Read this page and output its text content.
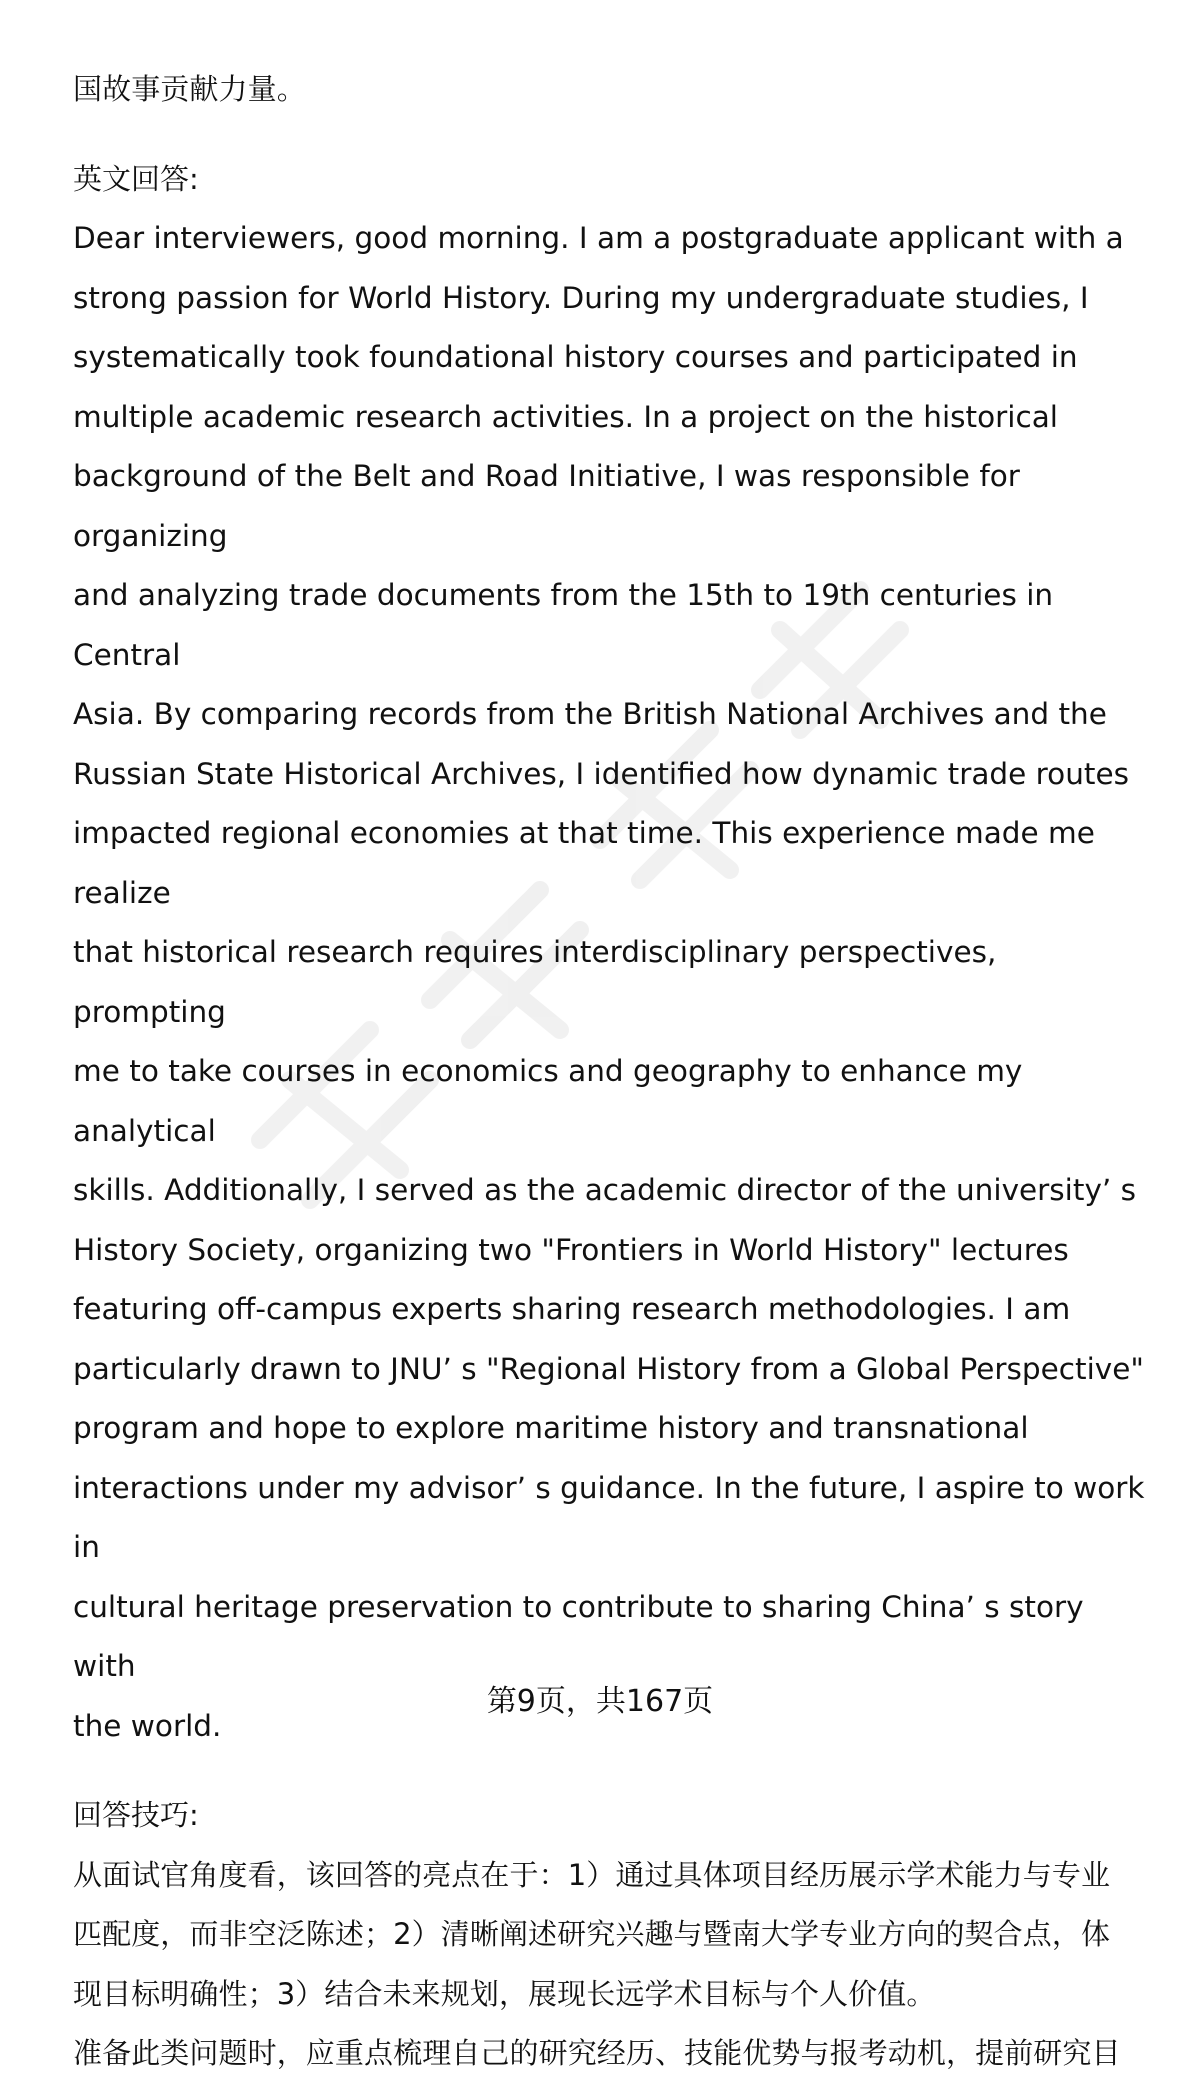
国故事贡献力量。
英文回答:
Dear interviewers, good morning. I am a postgraduate applicant with a
strong passion for World History. During my undergraduate studies, I
systematically took foundational history courses and participated in
multiple academic research activities. In a project on the historical
background of the Belt and Road Initiative, I was responsible for organizing
and analyzing trade documents from the 15th to 19th centuries in Central
Asia. By comparing records from the British National Archives and the
Russian State Historical Archives, I identified how dynamic trade routes
impacted regional economies at that time. This experience made me realize
that historical research requires interdisciplinary perspectives, prompting
me to take courses in economics and geography to enhance my analytical
skills. Additionally, I served as the academic director of the university’ s
History Society, organizing two "Frontiers in World History" lectures
featuring off-campus experts sharing research methodologies. I am
particularly drawn to JNU’ s "Regional History from a Global Perspective"
program and hope to explore maritime history and transnational
interactions under my advisor’ s guidance. In the future, I aspire to work in
cultural heritage preservation to contribute to sharing China’ s story with
the world.
回答技巧:
从面试官角度看，该回答的亮点在于：1）通过具体项目经历展示学术能力与专业
匹配度，而非空泛陈述；2）清晰阐述研究兴趣与暨南大学专业方向的契合点，体
现目标明确性；3）结合未来规划，展现长远学术目标与个人价值。
准备此类问题时，应重点梳理自己的研究经历、技能优势与报考动机，提前研究目
第9页，共167页
